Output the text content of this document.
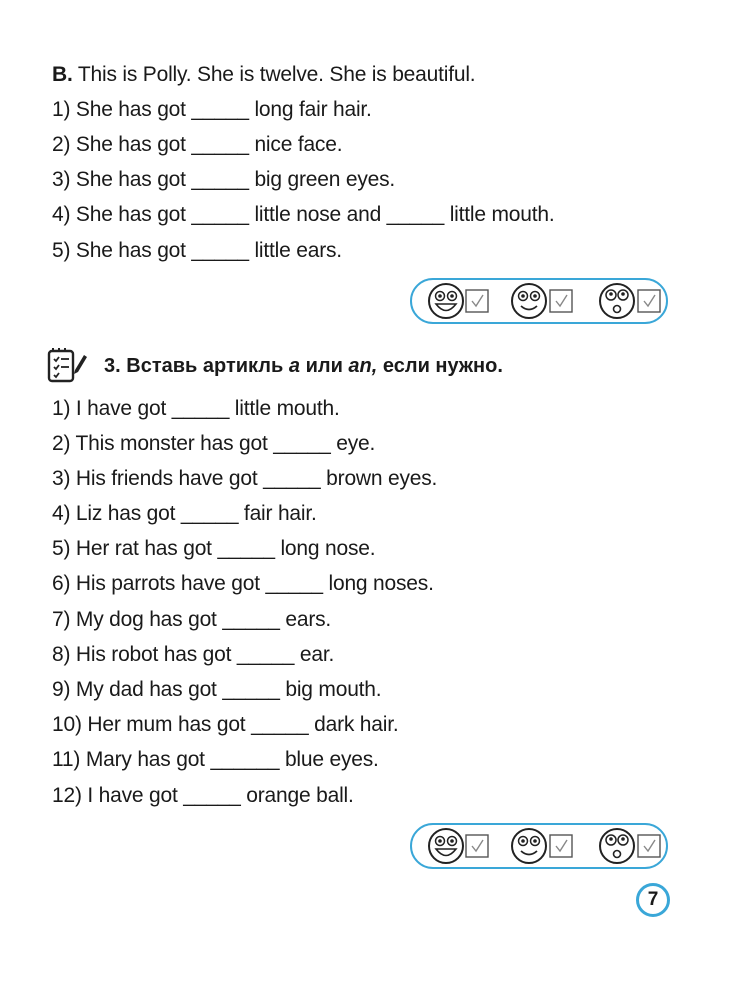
B. This is Polly. She is twelve. She is beautiful.
1) She has got _____ long fair hair.
2) She has got _____ nice face.
3) She has got _____ big green eyes.
4) She has got _____ little nose and _____ little mouth.
5) She has got _____ little ears.
3. Вставь артикль a или an, если нужно.
1) I have got _____ little mouth.
2) This monster has got _____ eye.
3) His friends have got _____ brown eyes.
4) Liz has got _____ fair hair.
5) Her rat has got _____ long nose.
6) His parrots have got _____ long noses.
7) My dog has got _____ ears.
8) His robot has got _____ ear.
9) My dad has got _____ big mouth.
10) Her mum has got _____ dark hair.
11) Mary has got ______ blue eyes.
12) I have got _____ orange ball.
7
